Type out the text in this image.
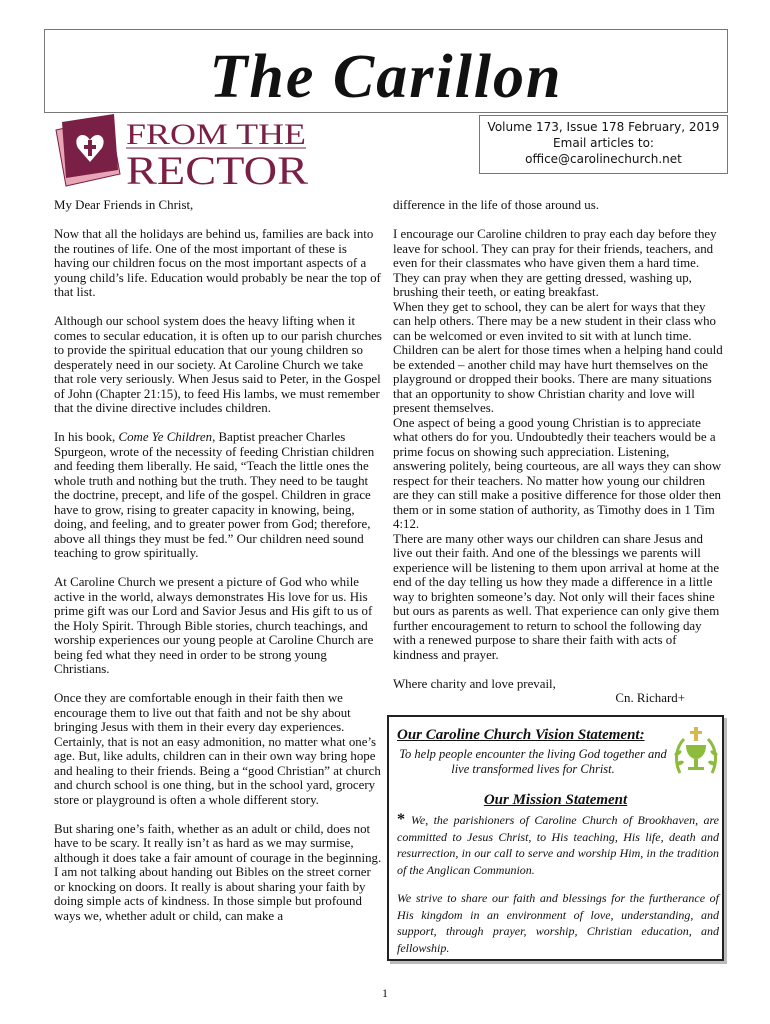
The Carillon
FROM THE
RECTOR
Volume 173, Issue 178 February, 2019
Email articles to:
office@carolinechurch.net

My Dear Friends in Christ,

Now that all the holidays are behind us, families are back into the routines of life. One of the most important of these is having our children focus on the most important aspects of a young child’s life. Education would probably be near the top of that list.

Although our school system does the heavy lifting when it comes to secular education, it is often up to our parish churches to provide the spiritual education that our young children so desperately need in our society. At Caroline Church we take that role very seriously. When Jesus said to Peter, in the Gospel of John (Chapter 21:15), to feed His lambs, we must remember that the divine directive includes children.

In his book, Come Ye Children, Baptist preacher Charles Spurgeon, wrote of the necessity of feeding Christian children and feeding them liberally. He said, “Teach the little ones the whole truth and nothing but the truth. They need to be taught the doctrine, precept, and life of the gospel. Children in grace have to grow, rising to greater capacity in knowing, being, doing, and feeling, and to greater power from God; therefore, above all things they must be fed.” Our children need sound teaching to grow spiritually.

At Caroline Church we present a picture of God who while active in the world, always demonstrates His love for us. His prime gift was our Lord and Savior Jesus and His gift to us of the Holy Spirit. Through Bible stories, church teachings, and worship experiences our young people at Caroline Church are being fed what they need in order to be strong young Christians.

Once they are comfortable enough in their faith then we encourage them to live out that faith and not be shy about bringing Jesus with them in their every day experiences. Certainly, that is not an easy admonition, no matter what one’s age. But, like adults, children can in their own way bring hope and healing to their friends. Being a “good Christian” at church and church school is one thing, but in the school yard, grocery store or playground is often a whole different story.

But sharing one’s faith, whether as an adult or child, does not have to be scary. It really isn’t as hard as we may surmise, although it does take a fair amount of courage in the beginning. I am not talking about handing out Bibles on the street corner or knocking on doors. It really is about sharing your faith by doing simple acts of kindness. In those simple but profound ways we, whether adult or child, can make a

difference in the life of those around us.

I encourage our Caroline children to pray each day before they leave for school. They can pray for their friends, teachers, and even for their classmates who have given them a hard time. They can pray when they are getting dressed, washing up, brushing their teeth, or eating breakfast.

When they get to school, they can be alert for ways that they can help others. There may be a new student in their class who can be welcomed or even invited to sit with at lunch time. Children can be alert for those times when a helping hand could be extended – another child may have hurt themselves on the playground or dropped their books. There are many situations that an opportunity to show Christian charity and love will present themselves.

One aspect of being a good young Christian is to appreciate what others do for you. Undoubtedly their teachers would be a prime focus on showing such appreciation. Listening, answering politely, being courteous, are all ways they can show respect for their teachers. No matter how young our children are they can still make a positive difference for those older then them or in some station of authority, as Timothy does in 1 Tim 4:12.

There are many other ways our children can share Jesus and live out their faith. And one of the blessings we parents will experience will be listening to them upon arrival at home at the end of the day telling us how they made a difference in a little way to brighten someone’s day. Not only will their faces shine but ours as parents as well. That experience can only give them further encouragement to return to school the following day with a renewed purpose to share their faith with acts of kindness and prayer.

Where charity and love prevail,

Cn. Richard+

Our Caroline Church Vision Statement:
To help people encounter the living God together and live transformed lives for Christ.
Our Mission Statement

* We, the parishioners of Caroline Church of Brookhaven, are committed to Jesus Christ, to His teaching, His life, death and resurrection, in our call to serve and worship Him, in the tradition of the Anglican Communion.

We strive to share our faith and blessings for the furtherance of His kingdom in an environment of love, understanding, and support, through prayer, worship, Christian education, and fellowship.

1
